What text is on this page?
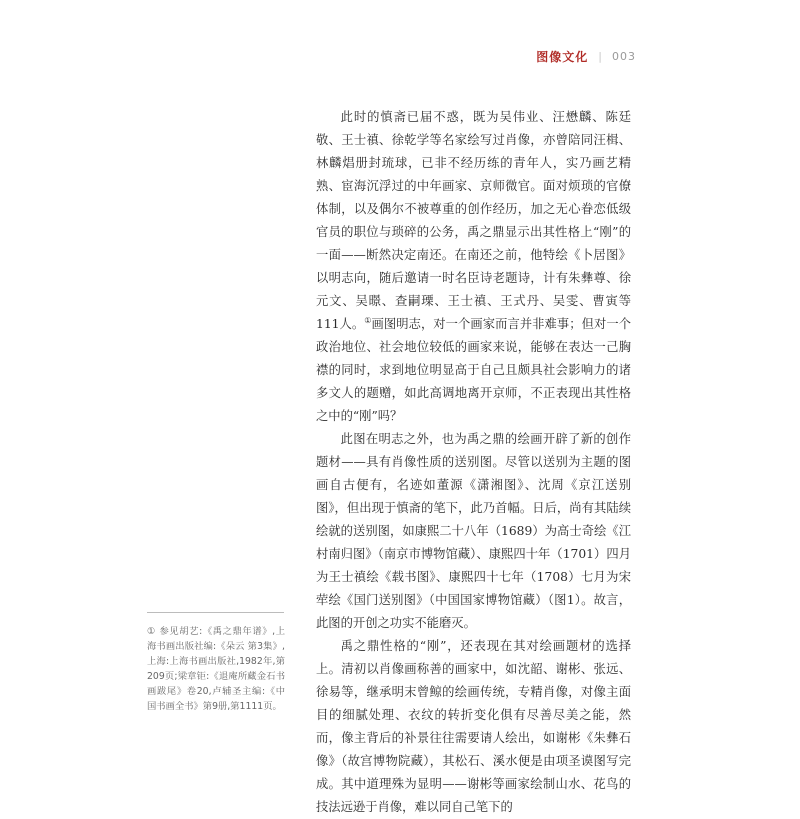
图像文化 | 003

此时的慎斋已届不惑，既为吴伟业、汪懋麟、陈廷敬、王士禛、徐乾学等名家绘写过肖像，亦曾陪同汪楫、林麟焻册封琉球，已非不经历练的青年人，实乃画艺精熟、宦海沉浮过的中年画家、京师微官。面对烦琐的官僚体制，以及偶尔不被尊重的创作经历，加之无心眷恋低级官员的职位与琐碎的公务，禹之鼎显示出其性格上“刚”的一面——断然决定南还。在南还之前，他特绘《卜居图》以明志向，随后邀请一时名臣诗老题诗，计有朱彝尊、徐元文、吴暻、查嗣瑮、王士禛、王式丹、吴雯、曹寅等111人。①画图明志，对一个画家而言并非难事；但对一个政治地位、社会地位较低的画家来说，能够在表达一己胸襟的同时，求到地位明显高于自己且颇具社会影响力的诸多文人的题赠，如此高调地离开京师，不正表现出其性格之中的“刚”吗？

此图在明志之外，也为禹之鼎的绘画开辟了新的创作题材——具有肖像性质的送别图。尽管以送别为主题的图画自古便有，名迹如董源《潇湘图》、沈周《京江送别图》，但出现于慎斋的笔下，此乃首幅。日后，尚有其陆续绘就的送别图，如康熙二十八年（1689）为高士奇绘《江村南归图》（南京市博物馆藏）、康熙四十年（1701）四月为王士禛绘《载书图》、康熙四十七年（1708）七月为宋荦绘《国门送别图》（中国国家博物馆藏）（图1）。故言，此图的开创之功实不能磨灭。

禹之鼎性格的“刚”，还表现在其对绘画题材的选择上。清初以肖像画称善的画家中，如沈韶、谢彬、张远、徐易等，继承明末曾鲸的绘画传统，专精肖像，对像主面目的细腻处理、衣纹的转折变化俱有尽善尽美之能，然而，像主背后的补景往往需要请人绘出，如谢彬《朱彝石像》（故宫博物院藏），其松石、溪水便是由项圣谟图写完成。其中道理殊为显明——谢彬等画家绘制山水、花鸟的技法远逊于肖像，难以同自己笔下的

① 参见胡艺:《禹之鼎年谱》,上海书画出版社编:《朵云 第3集》,上海:上海书画出版社,1982年,第209页;梁章钜:《退庵所藏金石书画跋尾》卷20,卢辅圣主编:《中国书画全书》第9册,第1111页。
